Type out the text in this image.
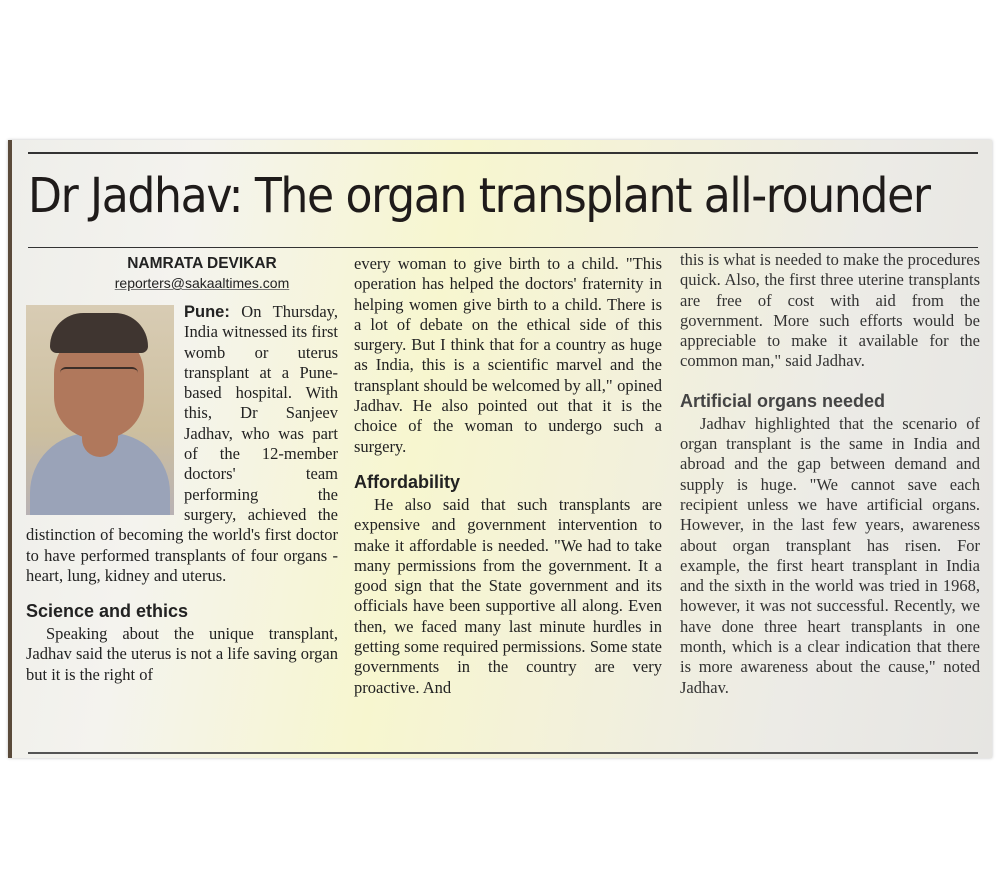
Dr Jadhav: The organ transplant all-rounder
NAMRATA DEVIKAR
reporters@sakaaltimes.com

Pune: On Thursday, India witnessed its first womb or uterus transplant at a Pune-based hospital. With this, Dr Sanjeev Jadhav, who was part of the 12-member doctors' team performing the surgery, achieved the distinction of becoming the world's first doctor to have performed transplants of four organs - heart, lung, kidney and uterus.

Science and ethics

Speaking about the unique transplant, Jadhav said the uterus is not a life saving organ but it is the right of

every woman to give birth to a child. "This operation has helped the doctors' fraternity in helping women give birth to a child. There is a lot of debate on the ethical side of this surgery. But I think that for a country as huge as India, this is a scientific marvel and the transplant should be welcomed by all," opined Jadhav. He also pointed out that it is the choice of the woman to undergo such a surgery.

Affordability

He also said that such transplants are expensive and government intervention to make it affordable is needed. "We had to take many permissions from the government. It a good sign that the State government and its officials have been supportive all along. Even then, we faced many last minute hurdles in getting some required permissions. Some state governments in the country are very proactive. And

this is what is needed to make the procedures quick. Also, the first three uterine transplants are free of cost with aid from the government. More such efforts would be appreciable to make it available for the common man," said Jadhav.

Artificial organs needed

Jadhav highlighted that the scenario of organ transplant is the same in India and abroad and the gap between demand and supply is huge. "We cannot save each recipient unless we have artificial organs. However, in the last few years, awareness about organ transplant has risen. For example, the first heart transplant in India and the sixth in the world was tried in 1968, however, it was not successful. Recently, we have done three heart transplants in one month, which is a clear indication that there is more awareness about the cause," noted Jadhav.
